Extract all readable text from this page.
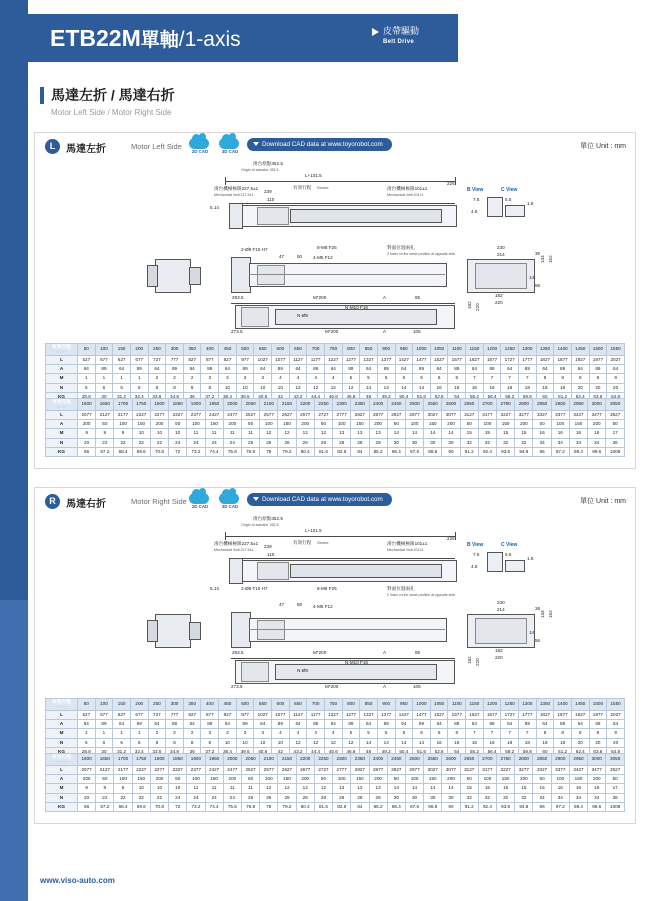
ETB22M單軸/1-axis	皮帶驅動
Belt Drive
馬達左折 / 馬達右折
Motor Left Side / Motor Right Side
L	馬達左折	Motor Left Side
2D CAD	3D CAD
Download CAD data at www.toyorobot.com	單位 Unit : mm
滑台原點352.5
Origin of actuator 352.5
L+101.5
滑台機械極限227.5±1
Mechanical limit 227.5±1
有效行程 Stroke	滑台機械極限101±1
Mechanical limit 101±1
226
239
110
5.14
2-Ø8 F15 H7	8-M8 F25	對面位置兩孔
2 holes on the same position at opposite side.
4-M5 F12
47	50
293.5	M*200	A	85
N-Ø9
N-M10 F16
273.5	M*200	A	105
182 220
B View	C View
7.5
4.5
5.5
1.8
230
214
182
220
134 152
36
56
14
有效行程
Stroke	50	100	150	200	250	300	350	400	450	500	550	600	650	700	750	800	850	900	950	1000	1050	1100	1150	1200	1250	1300	1350	1400	1450	1500	1550
L	527	577	627	677	727	777	827	877	927	977	1027	1077	1127	1177	1227	1277	1327	1377	1427	1477	1527	1577	1627	1677	1727	1777	1827	1877	1927	1977	2027
A	64	89	64	89	64	89	64	89	64	89	64	89	64	89	64	89	64	89	64	89	64	89	64	89	64	89	64	89	64	89	64
M	1	1	1	1	2	2	2	3	3	3	3	4	4	4	4	5	5	5	5	6	6	6	7	7	7	7	8	8	8	8	9
N	6	6	6	8	8	8	8	8	10	10	10	10	12	12	12	12	14	14	14	14	16	16	16	16	18	18	18	18	20	20	20
KG	28.8	30	31.2	32.4	33.6	34.8	36	37.2	38.4	39.6	40.8	42	43.2	44.4	45.6	46.8	48	49.2	50.4	51.6	52.8	54	55.2	56.4	59.2	59.8	60	61.2	62.4	63.6	64.8
有效行程
Stroke	1600	1650	1700	1750	1800	1850	1900	1950	2000	2050	2100	2150	2200	2250	2300	2350	2400	2450	2500	2550	2600	2650	2700	2750	2800	2850	2900	2950	3000	3050
L	2077	2127	2177	2227	2277	2327	2377	2427	2477	2527	2577	2627	2677	2727	2777	2827	2877	2927	2977	3027	3077	3127	3177	3227	3277	3327	3377	3427	3477	3527
A	200	50	100	150	200	50	100	150	200	50	100	150	200	50	100	150	200	50	100	150	200	50	100	150	200	50	100	150	200	50
M	9	9	9	10	10	10	11	11	11	11	12	12	12	12	13	13	13	14	14	14	14	15	15	15	15	16	16	16	16	17
N	20	22	22	22	22	24	24	24	24	26	26	26	26	28	28	28	28	30	30	30	30	32	32	32	32	34	34	34	34	36
KG	66	67.2	68.4	69.6	70.8	72	73.2	74.4	75.6	76.8	78	79.2	80.4	81.6	82.8	84	85.2	86.4	87.6	88.8	90	91.2	92.4	93.6	94.8	96	97.2	98.4	99.6	1008
R	馬達右折	Motor Right Side
2D CAD	3D CAD
Download CAD data at www.toyorobot.com	單位 Unit : mm
滑台原點352.5
Origin of actuator 352.5
L+101.5
滑台機械極限227.5±1
Mechanical limit 227.5±1
有效行程 Stroke	滑台機械極限101±1
Mechanical limit 101±1
226
239
110
5.14	2-Ø8 F15 H7	8-M8 F25	對面位置兩孔
2 holes on the same position at opposite side.
4-M5 F12
47	50
293.5	M*200	A	85
N-Ø9
N-M10 F16
273.5	M*200	A	105
182 220
B View	C View
7.5
4.5
5.5
1.8
230
214
182
220
134 152
36
56
14
有效行程
Stroke	50	100	150	200	250	300	350	400	450	500	550	600	650	700	750	800	850	900	950	1000	1050	1100	1150	1200	1250	1300	1350	1400	1450	1500	1550
L	527	577	627	677	727	777	827	877	927	977	1027	1077	1127	1177	1227	1277	1327	1377	1427	1477	1527	1577	1627	1677	1727	1777	1827	1877	1927	1977	2027
A	64	89	64	89	64	89	64	89	64	89	64	89	64	89	64	89	64	89	64	89	64	89	64	89	64	89	64	89	64	89	64
M	1	1	1	1	2	2	2	3	3	3	3	4	4	4	4	5	5	5	5	6	6	6	7	7	7	7	8	8	8	8	9
N	6	6	6	8	8	8	8	8	10	10	10	10	12	12	12	12	14	14	14	14	16	16	16	16	18	18	18	18	20	20	20
KG	28.8	30	31.2	32.4	33.6	34.8	36	37.2	38.4	39.6	40.8	42	43.2	44.4	45.6	46.8	48	49.2	50.4	51.6	52.8	54	55.2	56.4	59.2	59.8	60	61.2	62.4	63.6	64.8
有效行程
Stroke	1600	1650	1700	1750	1800	1850	1900	1950	2000	2050	2100	2150	2200	2250	2300	2350	2400	2450	2500	2550	2600	2650	2700	2750	2800	2850	2900	2950	3000	3050
L	2077	2127	2177	2227	2277	2327	2377	2427	2477	2527	2577	2627	2677	2727	2777	2827	2877	2927	2977	3027	3077	3127	3177	3227	3277	3327	3377	3427	3477	3527
A	200	50	100	150	200	50	100	150	200	50	100	150	200	50	100	150	200	50	100	150	200	50	100	150	200	50	100	150	200	50
M	9	9	9	10	10	10	11	11	11	11	12	12	12	12	13	13	13	14	14	14	14	15	15	15	15	16	16	16	16	17
N	20	22	22	22	22	24	24	24	24	26	26	26	26	28	28	28	28	30	30	30	30	32	32	32	32	34	34	34	34	36
KG	66	67.2	68.4	69.6	70.8	72	73.2	74.4	75.6	76.8	78	79.2	80.4	81.6	82.8	84	85.2	86.4	87.6	88.8	90	91.2	92.4	93.6	94.8	96	97.2	98.4	99.6	1008
www.viso-auto.com
